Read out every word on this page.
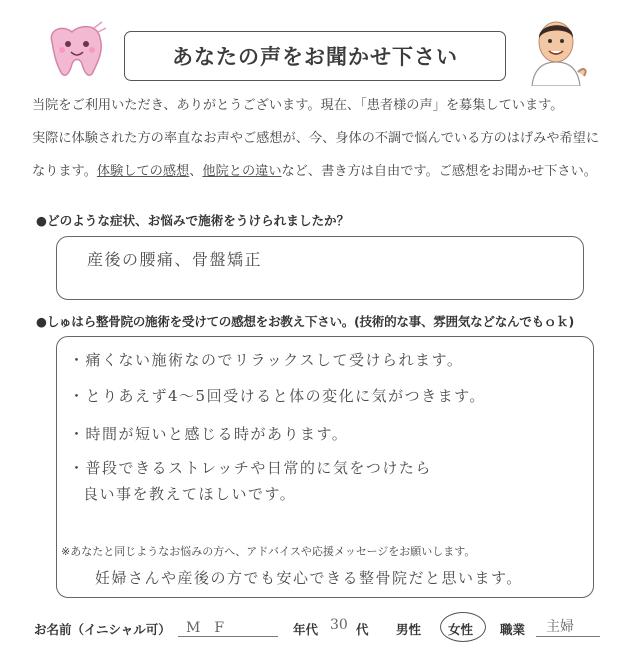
あなたの声をお聞かせ下さい
当院をご利用いただき、ありがとうございます。現在、「患者様の声」を募集しています。
実際に体験された方の率直なお声やご感想が、今、身体の不調で悩んでいる方のはげみや希望に
なります。体験しての感想、他院との違いなど、書き方は自由です。ご感想をお聞かせ下さい。
●どのような症状、お悩みで施術をうけられましたか？
産後の腰痛、骨盤矯正
●しゅはら整骨院の施術を受けての感想をお教え下さい。(技術的な事、雰囲気などなんでもｏｋ)
・痛くない施術なのでリラックスして受けられます。
・とりあえず4～5回受けると体の変化に気がつきます。
・時間が短いと感じる時があります。
・普段できるストレッチや日常的に気をつけたら
良い事を教えてほしいです。
※あなたと同じようなお悩みの方へ、アドバイスや応援メッセージをお願いします。
妊婦さんや産後の方でも安心できる整骨院だと思います。
お名前（イニシャル可） M　F	年代 30 代 男性 女性 職業 主婦
